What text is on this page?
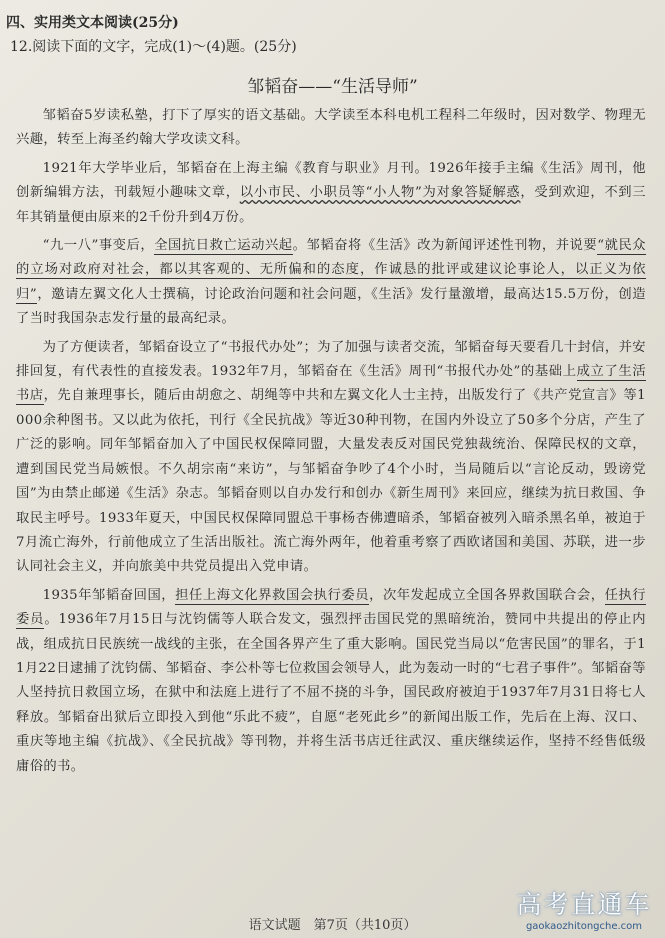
四、实用类文本阅读(25分)
12.阅读下面的文字，完成(1)～(4)题。(25分)
邹韬奋——“生活导师”

邹韬奋5岁读私塾，打下了厚实的语文基础。大学读至本科电机工程科二年级时，因对数学、物理无兴趣，转至上海圣约翰大学攻读文科。

1921年大学毕业后，邹韬奋在上海主编《教育与职业》月刊。1926年接手主编《生活》周刊，他创新编辑方法，刊载短小趣味文章，以小市民、小职员等“小人物”为对象答疑解惑，受到欢迎，不到三年其销量便由原来的2千份升到4万份。

“九一八”事变后，全国抗日救亡运动兴起。邹韬奋将《生活》改为新闻评述性刊物，并说要“就民众的立场对政府对社会，都以其客观的、无所偏和的态度，作诚恳的批评或建议论事论人，以正义为依归”，邀请左翼文化人士撰稿，讨论政治问题和社会问题，《生活》发行量激增，最高达15.5万份，创造了当时我国杂志发行量的最高纪录。

为了方便读者，邹韬奋设立了“书报代办处”；为了加强与读者交流，邹韬奋每天要看几十封信，并安排回复，有代表性的直接发表。1932年7月，邹韬奋在《生活》周刊“书报代办处”的基础上成立了生活书店，先自兼理事长，随后由胡愈之、胡绳等中共和左翼文化人士主持，出版发行了《共产党宣言》等1000余种图书。又以此为依托，刊行《全民抗战》等近30种刊物，在国内外设立了50多个分店，产生了广泛的影响。同年邹韬奋加入了中国民权保障同盟，大量发表反对国民党独裁统治、保障民权的文章，遭到国民党当局嫉恨。不久胡宗南“来访”，与邹韬奋争吵了4个小时，当局随后以“言论反动，毁谤党国”为由禁止邮递《生活》杂志。邹韬奋则以自办发行和创办《新生周刊》来回应，继续为抗日救国、争取民主呼号。1933年夏天，中国民权保障同盟总干事杨杏佛遭暗杀，邹韬奋被列入暗杀黑名单，被迫于7月流亡海外，行前他成立了生活出版社。流亡海外两年，他着重考察了西欧诸国和美国、苏联，进一步认同社会主义，并向旅美中共党员提出入党申请。

1935年邹韬奋回国，担任上海文化界救国会执行委员，次年发起成立全国各界救国联合会，任执行委员。1936年7月15日与沈钧儒等人联合发文，强烈抨击国民党的黑暗统治，赞同中共提出的停止内战，组成抗日民族统一战线的主张，在全国各界产生了重大影响。国民党当局以“危害民国”的罪名，于11月22日逮捕了沈钧儒、邹韬奋、李公朴等七位救国会领导人，此为轰动一时的“七君子事件”。邹韬奋等人坚持抗日救国立场，在狱中和法庭上进行了不屈不挠的斗争，国民政府被迫于1937年7月31日将七人释放。邹韬奋出狱后立即投入到他“乐此不疲”，自愿“老死此乡”的新闻出版工作，先后在上海、汉口、重庆等地主编《抗战》、《全民抗战》等刊物，并将生活书店迁往武汉、重庆继续运作，坚持不经售低级庸俗的书。

语文试题　第7页（共10页）
高考直通车
gaokaozhitongche.com
